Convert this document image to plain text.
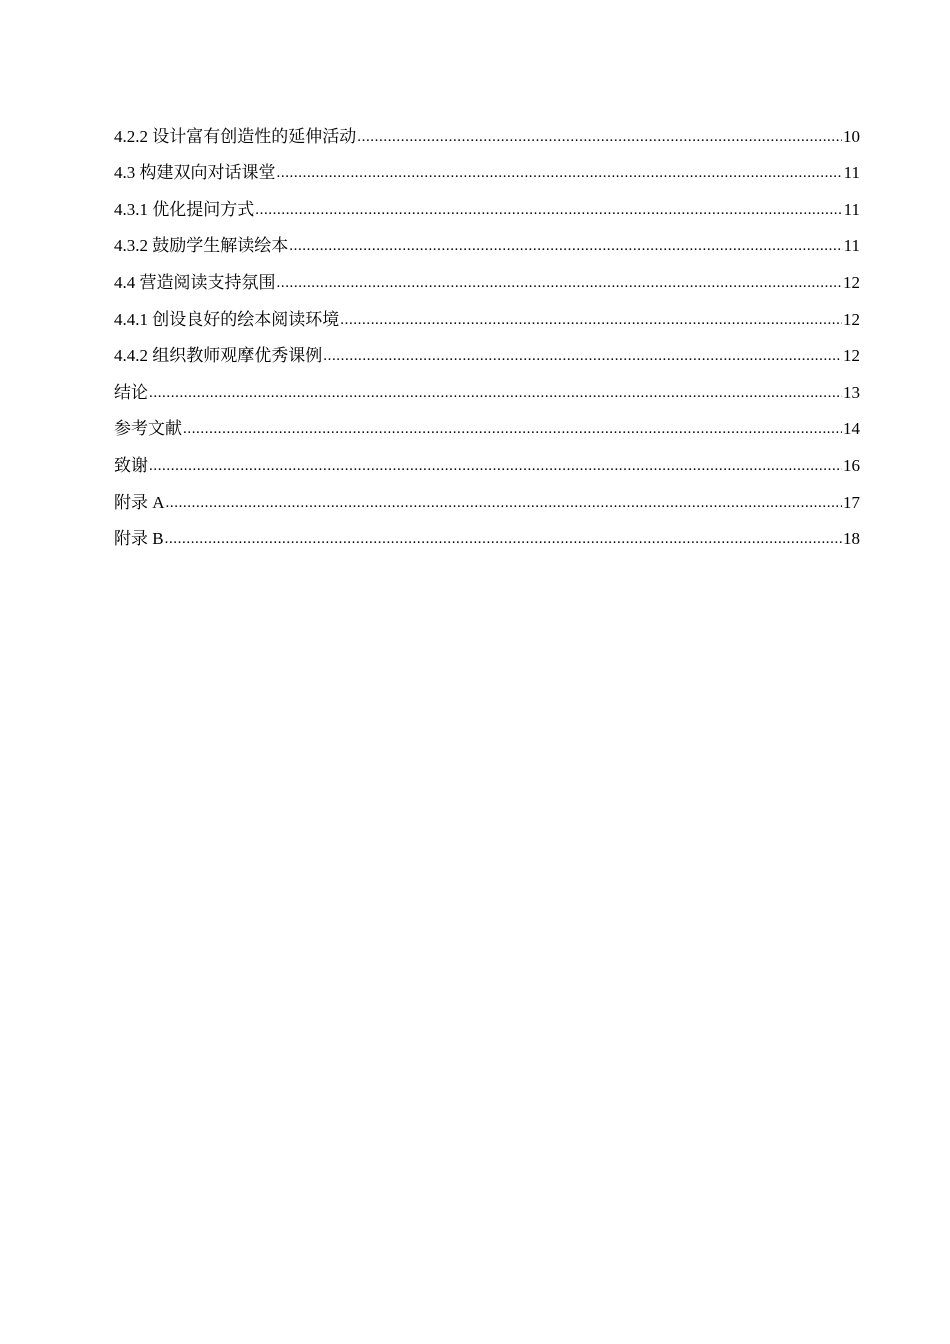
4.2.2 设计富有创造性的延伸活动 .....	10
4.3 构建双向对话课堂 .....	11
4.3.1 优化提问方式 .....	11
4.3.2 鼓励学生解读绘本 .....	11
4.4 营造阅读支持氛围 .....	12
4.4.1 创设良好的绘本阅读环境 .....	12
4.4.2 组织教师观摩优秀课例 .....	12
结论 .....	13
参考文献 .....	14
致谢 .....	16
附录 A .....	17
附录 B .....	18
